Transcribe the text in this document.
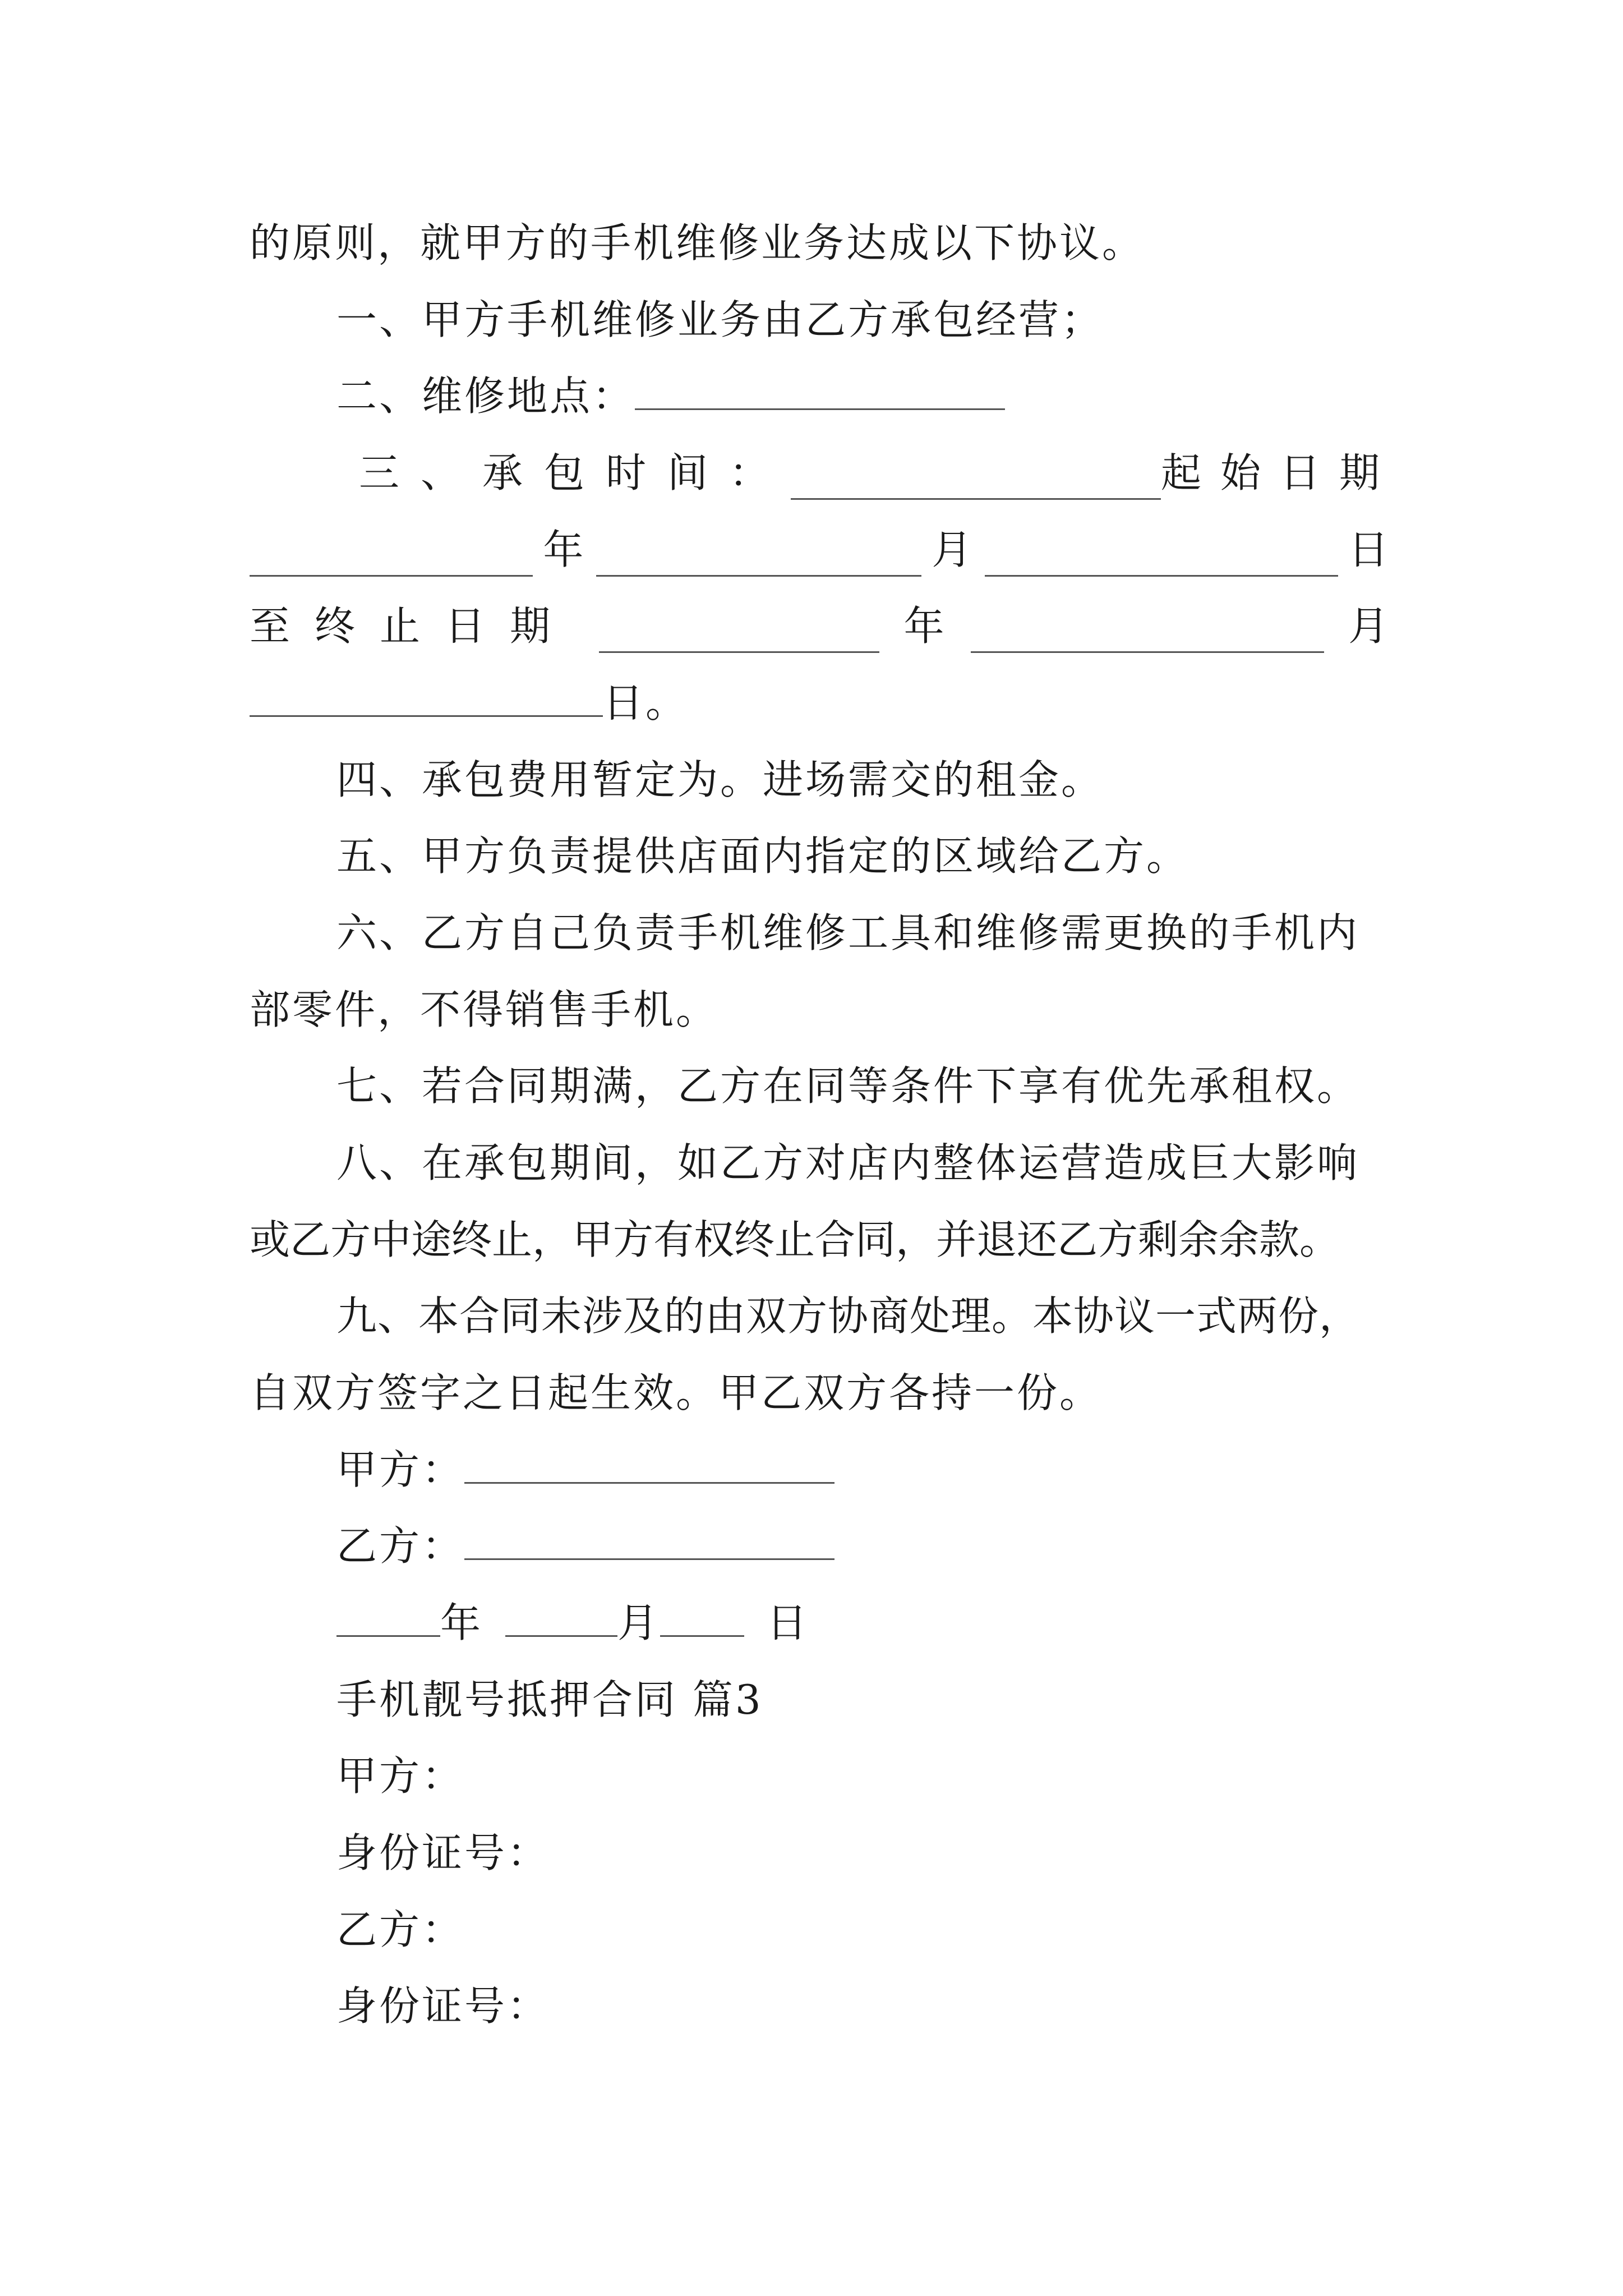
的原则，就甲方的手机维修业务达成以下协议。
一、甲方手机维修业务由乙方承包经营；
二、维修地点：
三、承包时间：	起始日期
年	月	日
至终止日期	年	月
日。
四、承包费用暂定为。进场需交的租金。
五、甲方负责提供店面内指定的区域给乙方。
六、乙方自己负责手机维修工具和维修需更换的手机内
部零件，不得销售手机。
七、若合同期满，乙方在同等条件下享有优先承租权。
八、在承包期间，如乙方对店内整体运营造成巨大影响
或乙方中途终止，甲方有权终止合同，并退还乙方剩余余款。
九、本合同未涉及的由双方协商处理。本协议一式两份，
自双方签字之日起生效。甲乙双方各持一份。
甲方：
乙方：
年	月	日
手机靓号抵押合同 篇3
甲方：
身份证号：
乙方：
身份证号：
